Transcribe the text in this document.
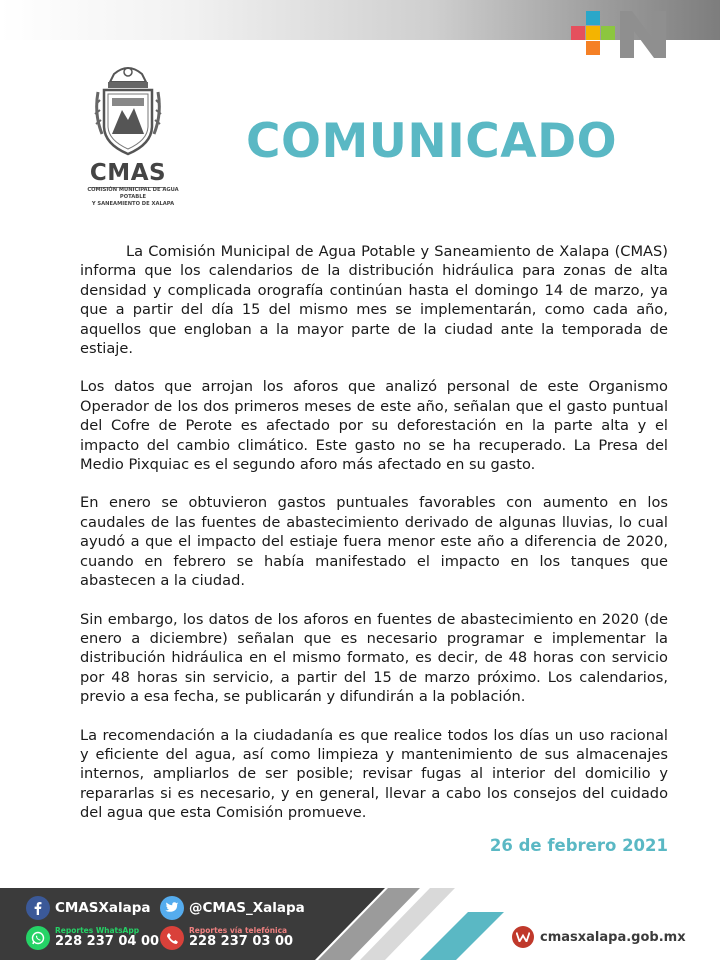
CMAS
COMISIÓN MUNICIPAL DE AGUA POTABLE
Y SANEAMIENTO DE XALAPA
COMUNICADO

La Comisión Municipal de Agua Potable y Saneamiento de Xalapa (CMAS) informa que los calendarios de la distribución hidráulica para zonas de alta densidad y complicada orografía continúan hasta el domingo 14 de marzo, ya que a partir del día 15 del mismo mes se implementarán, como cada año, aquellos que engloban a la mayor parte de la ciudad ante la temporada de estiaje.

Los datos que arrojan los aforos que analizó personal de este Organismo Operador de los dos primeros meses de este año, señalan que el gasto puntual del Cofre de Perote es afectado por su deforestación en la parte alta y el impacto del cambio climático. Este gasto no se ha recuperado. La Presa del Medio Pixquiac es el segundo aforo más afectado en su gasto.

En enero se obtuvieron gastos puntuales favorables con aumento en los caudales de las fuentes de abastecimiento derivado de algunas lluvias, lo cual ayudó a que el impacto del estiaje fuera menor este año a diferencia de 2020, cuando en febrero se había manifestado el impacto en los tanques que abastecen a la ciudad.

Sin embargo, los datos de los aforos en fuentes de abastecimiento en 2020 (de enero a diciembre) señalan que es necesario programar e implementar la distribución hidráulica en el mismo formato, es decir, de 48 horas con servicio por 48 horas sin servicio, a partir del 15 de marzo próximo. Los calendarios, previo a esa fecha, se publicarán y difundirán a la población.

La recomendación a la ciudadanía es que realice todos los días un uso racional y eficiente del agua, así como limpieza y mantenimiento de sus almacenajes internos, ampliarlos de ser posible; revisar fugas al interior del domicilio y repararlas si es necesario, y en general, llevar a cabo los consejos del cuidado del agua que esta Comisión promueve.

26 de febrero 2021
CMASXalapa	@CMAS_Xalapa
Reportes WhatsApp
228 237 04 00
Reportes vía telefónica
228 237 03 00	cmasxalapa.gob.mx
